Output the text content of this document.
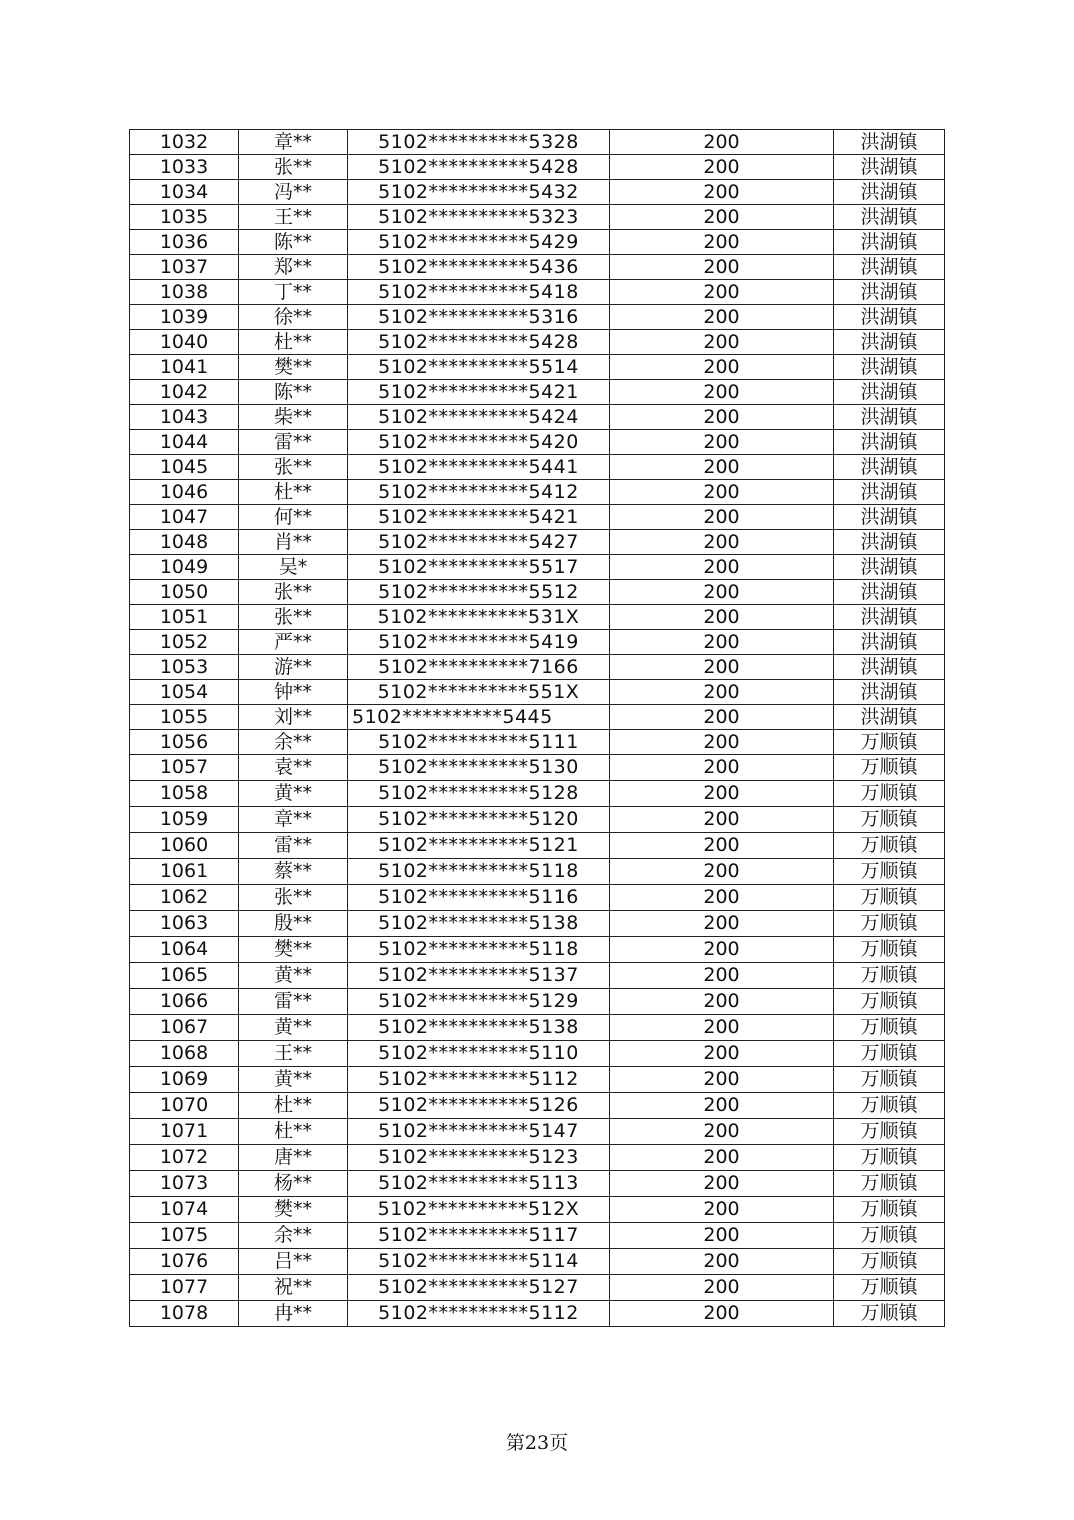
1032	章**	5102**********5328	200	洪湖镇
1033	张**	5102**********5428	200	洪湖镇
1034	冯**	5102**********5432	200	洪湖镇
1035	王**	5102**********5323	200	洪湖镇
1036	陈**	5102**********5429	200	洪湖镇
1037	郑**	5102**********5436	200	洪湖镇
1038	丁**	5102**********5418	200	洪湖镇
1039	徐**	5102**********5316	200	洪湖镇
1040	杜**	5102**********5428	200	洪湖镇
1041	樊**	5102**********5514	200	洪湖镇
1042	陈**	5102**********5421	200	洪湖镇
1043	柴**	5102**********5424	200	洪湖镇
1044	雷**	5102**********5420	200	洪湖镇
1045	张**	5102**********5441	200	洪湖镇
1046	杜**	5102**********5412	200	洪湖镇
1047	何**	5102**********5421	200	洪湖镇
1048	肖**	5102**********5427	200	洪湖镇
1049	吴*	5102**********5517	200	洪湖镇
1050	张**	5102**********5512	200	洪湖镇
1051	张**	5102**********531X	200	洪湖镇
1052	严**	5102**********5419	200	洪湖镇
1053	游**	5102**********7166	200	洪湖镇
1054	钟**	5102**********551X	200	洪湖镇
1055	刘**	5102**********5445	200	洪湖镇
1056	余**	5102**********5111	200	万顺镇
1057	袁**	5102**********5130	200	万顺镇
1058	黄**	5102**********5128	200	万顺镇
1059	章**	5102**********5120	200	万顺镇
1060	雷**	5102**********5121	200	万顺镇
1061	蔡**	5102**********5118	200	万顺镇
1062	张**	5102**********5116	200	万顺镇
1063	殷**	5102**********5138	200	万顺镇
1064	樊**	5102**********5118	200	万顺镇
1065	黄**	5102**********5137	200	万顺镇
1066	雷**	5102**********5129	200	万顺镇
1067	黄**	5102**********5138	200	万顺镇
1068	王**	5102**********5110	200	万顺镇
1069	黄**	5102**********5112	200	万顺镇
1070	杜**	5102**********5126	200	万顺镇
1071	杜**	5102**********5147	200	万顺镇
1072	唐**	5102**********5123	200	万顺镇
1073	杨**	5102**********5113	200	万顺镇
1074	樊**	5102**********512X	200	万顺镇
1075	余**	5102**********5117	200	万顺镇
1076	吕**	5102**********5114	200	万顺镇
1077	祝**	5102**********5127	200	万顺镇
1078	冉**	5102**********5112	200	万顺镇
第23页
